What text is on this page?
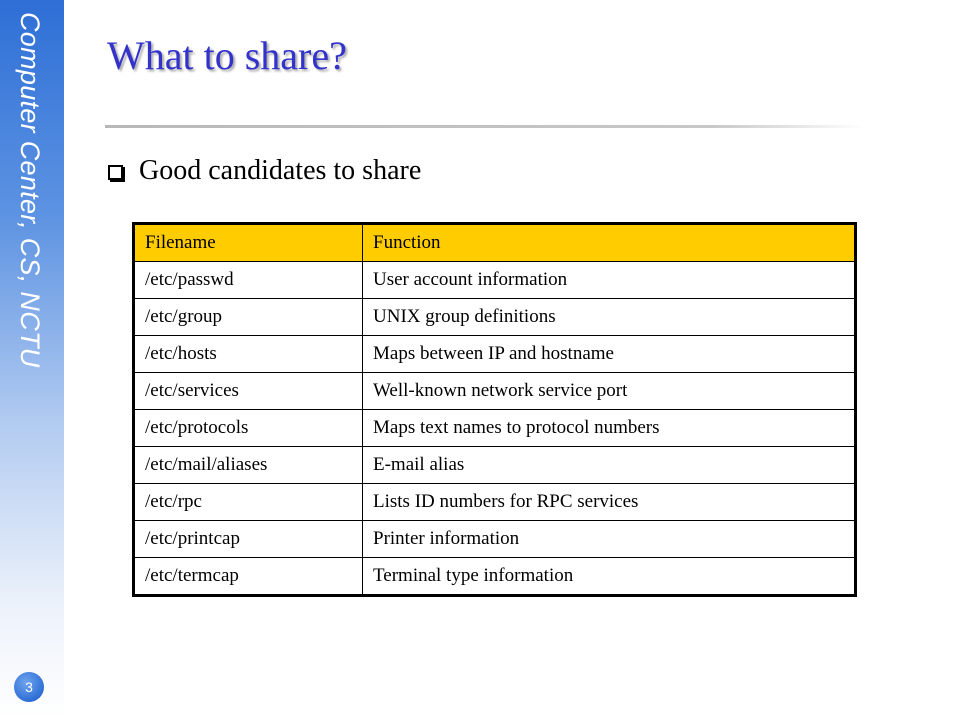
Computer Center, CS, NCTU
3
What to share?
Good candidates to share
Filename	Function
/etc/passwd	User account information
/etc/group	UNIX group definitions
/etc/hosts	Maps between IP and hostname
/etc/services	Well-known network service port
/etc/protocols	Maps text names to protocol numbers
/etc/mail/aliases	E-mail alias
/etc/rpc	Lists ID numbers for RPC services
/etc/printcap	Printer information
/etc/termcap	Terminal type information
